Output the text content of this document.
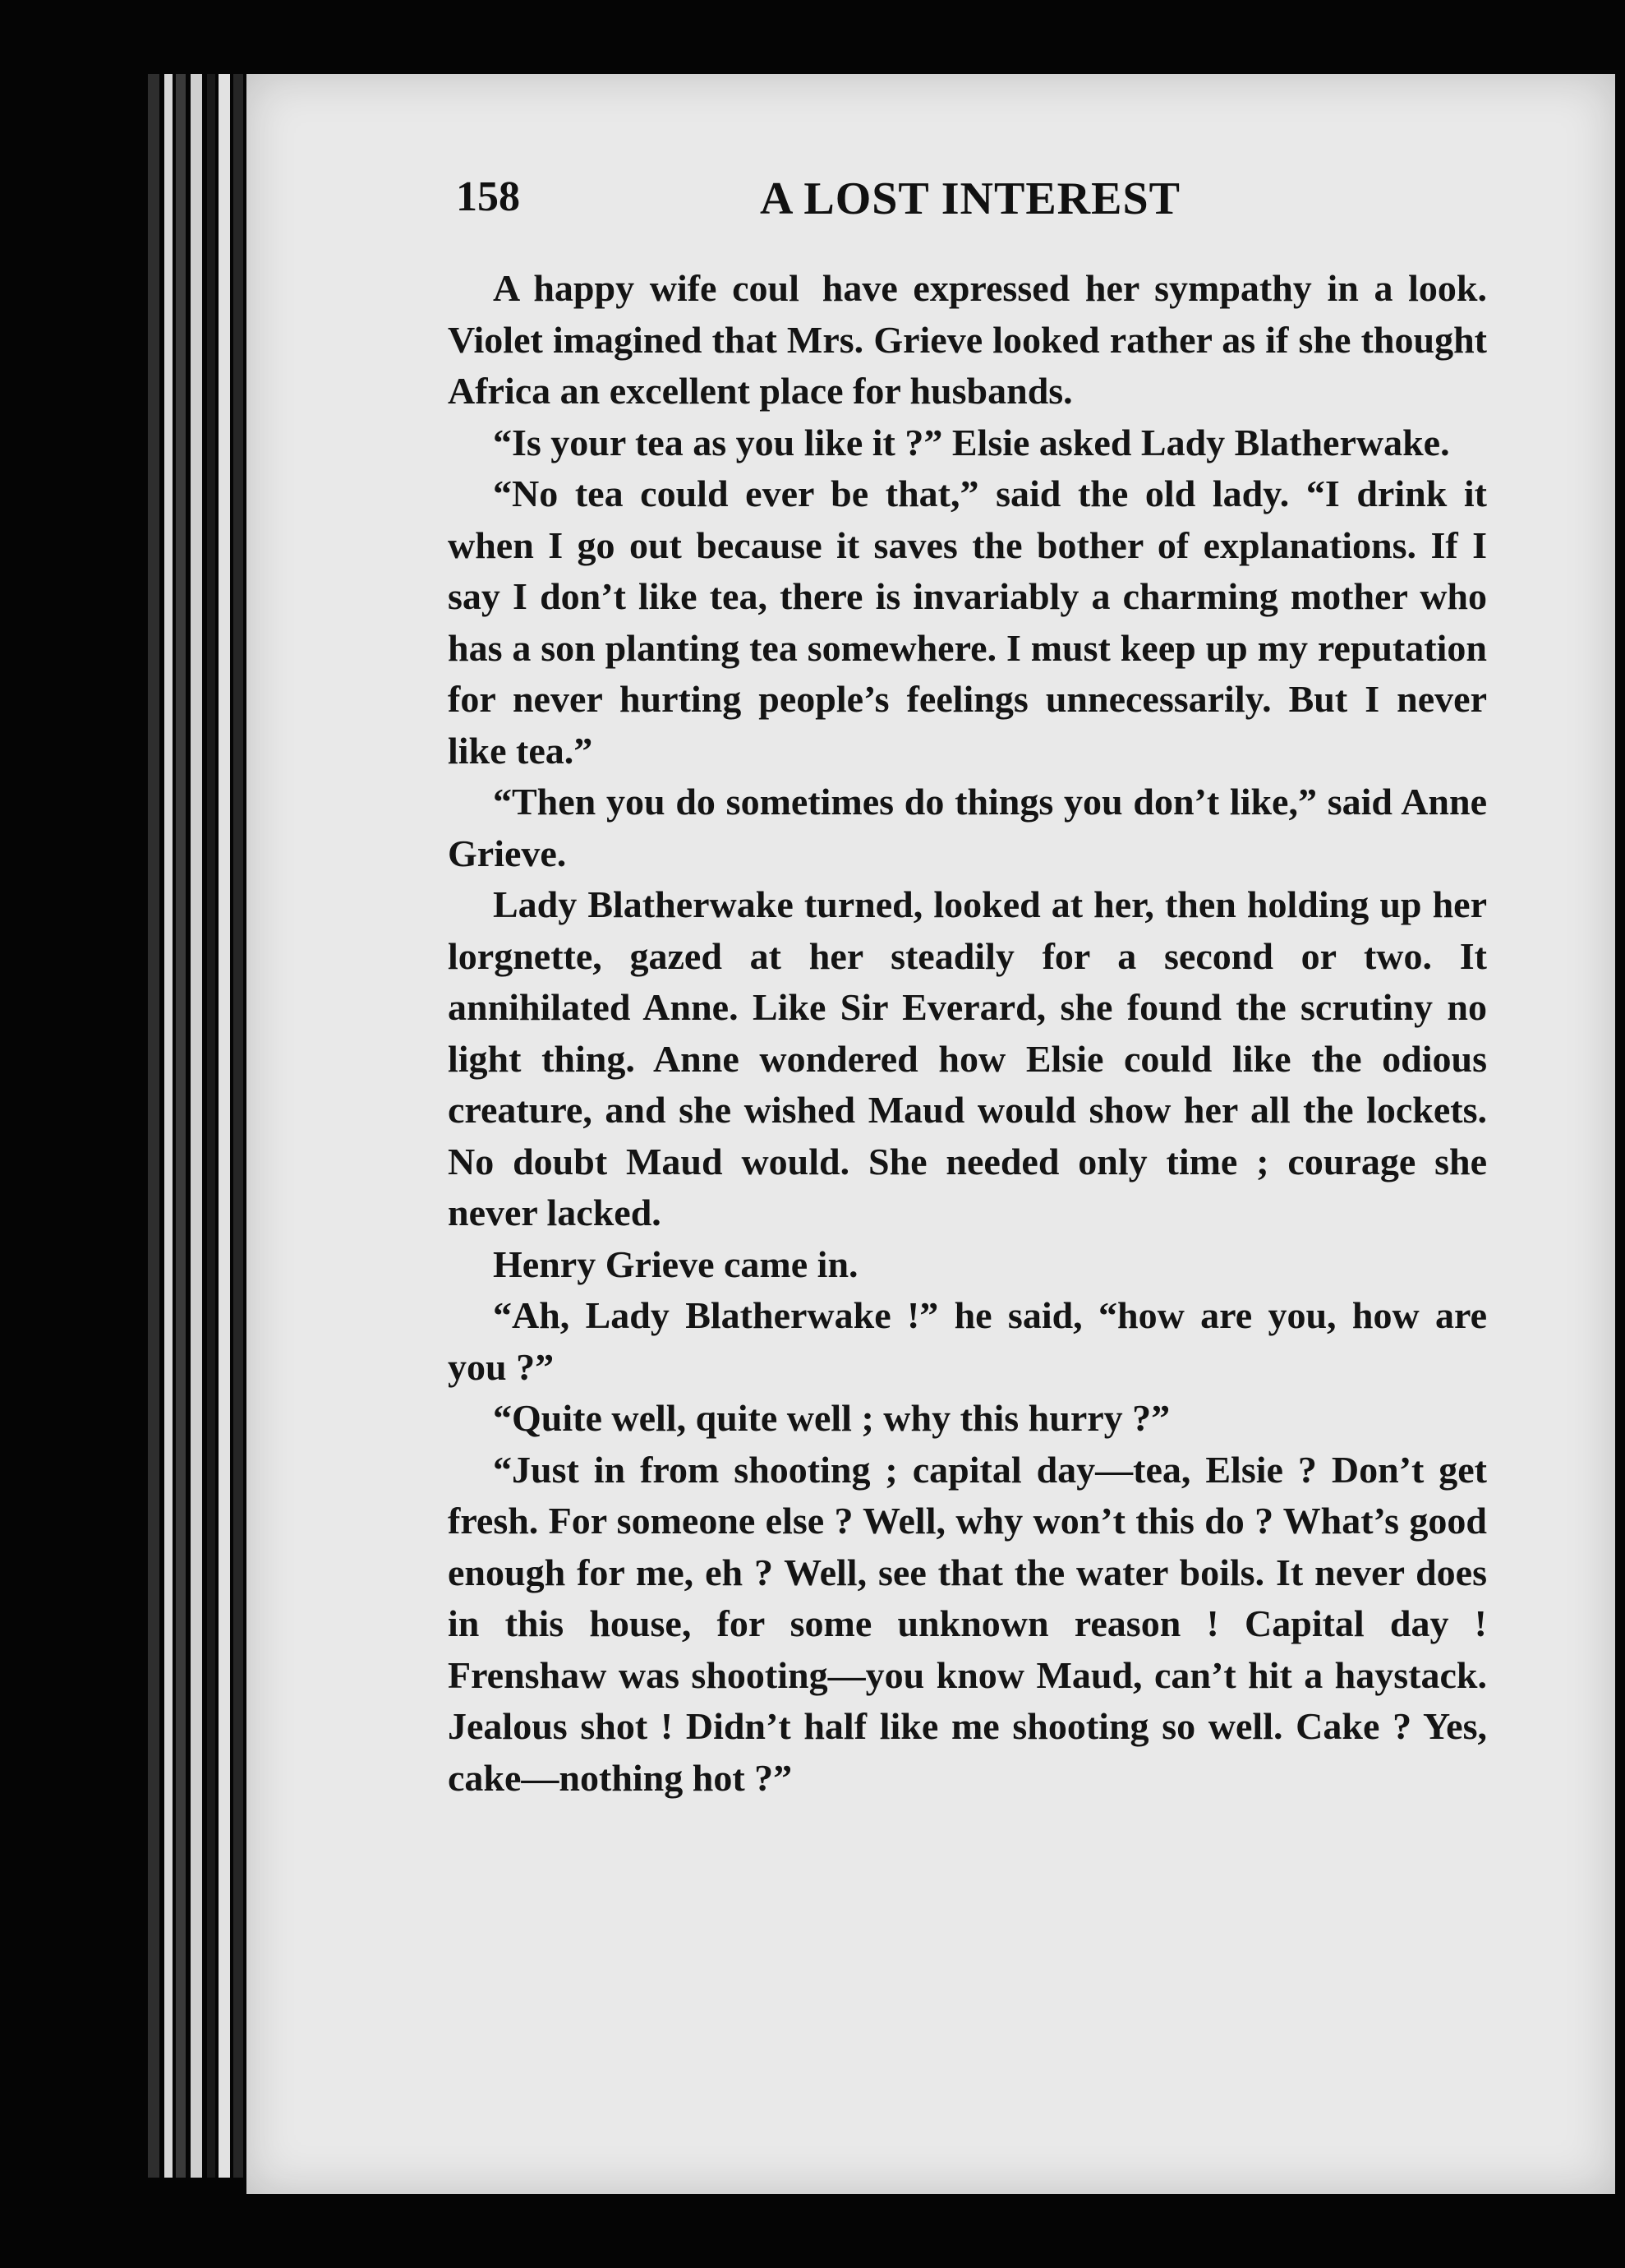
158	A LOST INTEREST

A happy wife coul  have expressed her sympathy in a look. Violet imagined that Mrs. Grieve looked rather as if she thought Africa an excellent place for husbands.

“Is your tea as you like it ?” Elsie asked Lady Blatherwake.

“No tea could ever be that,” said the old lady. “I drink it when I go out because it saves the bother of explanations. If I say I don’t like tea, there is invariably a charming mother who has a son planting tea somewhere. I must keep up my reputation for never hurting people’s feelings unnecessarily. But I never like tea.”

“Then you do sometimes do things you don’t like,” said Anne Grieve.

Lady Blatherwake turned, looked at her, then holding up her lorgnette, gazed at her steadily for a second or two. It annihilated Anne. Like Sir Everard, she found the scrutiny no light thing. Anne wondered how Elsie could like the odious creature, and she wished Maud would show her all the lockets. No doubt Maud would. She needed only time ; courage she never lacked.

Henry Grieve came in.

“Ah, Lady Blatherwake !” he said, “how are you, how are you ?”

“Quite well, quite well ; why this hurry ?”

“Just in from shooting ; capital day—tea, Elsie ? Don’t get fresh. For someone else ? Well, why won’t this do ? What’s good enough for me, eh ? Well, see that the water boils. It never does in this house, for some unknown reason ! Capital day ! Frenshaw was shooting—you know Maud, can’t hit a haystack. Jealous shot ! Didn’t half like me shooting so well. Cake ? Yes, cake—nothing hot ?”
